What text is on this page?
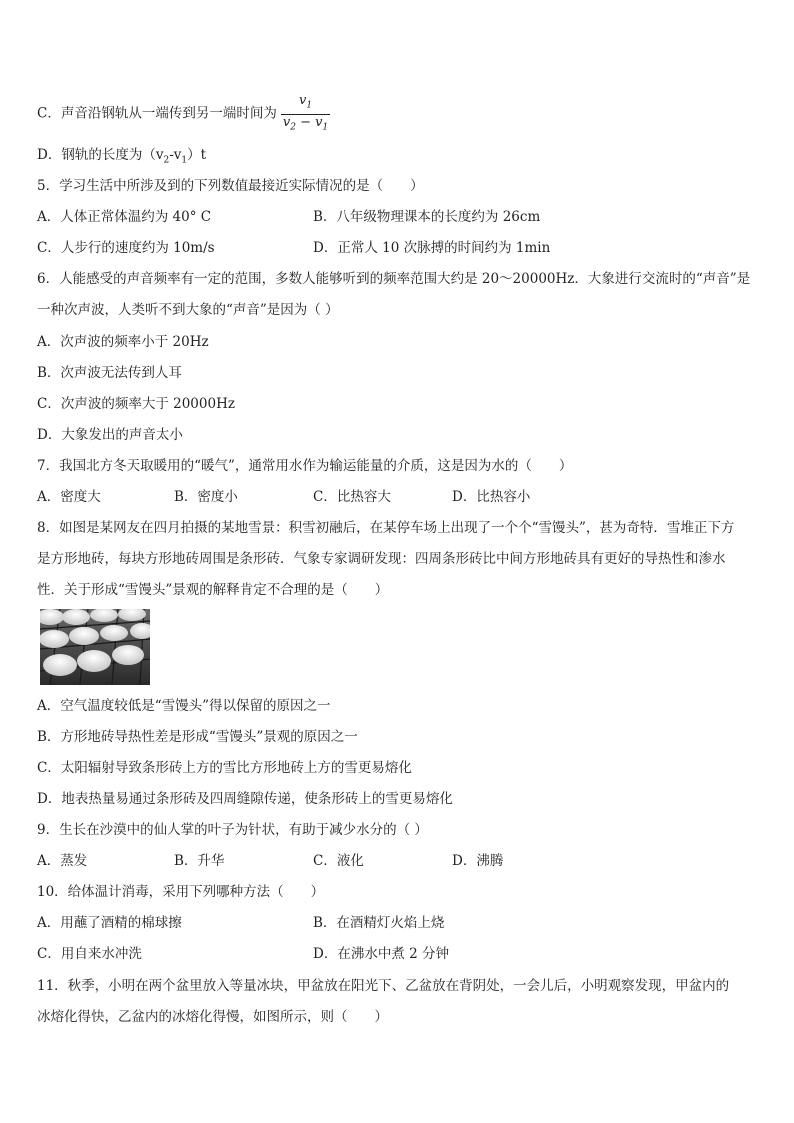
C．声音沿钢轨从一端传到另一端时间为 $\frac{v_1}{v_2 - v_1}$
D．钢轨的长度为$(v_2-v_1)t$
5．学习生活中所涉及到的下列数值最接近实际情况的是（　　）
A．人体正常体温约为 40° C	B．八年级物理课本的长度约为 26cm
C．人步行的速度约为 10m/s	D．正常人 10 次脉搏的时间约为 1min
6．人能感受的声音频率有一定的范围，多数人能够听到的频率范围大约是 20～20000Hz．大象进行交流时的“声音”是
一种次声波，人类听不到大象的“声音”是因为（ ）
A．次声波的频率小于 20Hz
B．次声波无法传到人耳
C．次声波的频率大于 20000Hz
D．大象发出的声音太小
7．我国北方冬天取暖用的“暖气”，通常用水作为输运能量的介质，这是因为水的（　　）
A．密度大	B．密度小	C．比热容大	D．比热容小
8．如图是某网友在四月拍摄的某地雪景：积雪初融后，在某停车场上出现了一个个“雪馒头”，甚为奇特．雪堆正下方
是方形地砖，每块方形地砖周围是条形砖．气象专家调研发现：四周条形砖比中间方形地砖具有更好的导热性和渗水
性．关于形成“雪馒头”景观的解释肯定不合理的是（　　）
A．空气温度较低是“雪馒头”得以保留的原因之一
B．方形地砖导热性差是形成“雪馒头”景观的原因之一
C．太阳辐射导致条形砖上方的雪比方形地砖上方的雪更易熔化
D．地表热量易通过条形砖及四周缝隙传递，使条形砖上的雪更易熔化
9．生长在沙漠中的仙人掌的叶子为针状，有助于减少水分的（ ）
A．蒸发	B．升华	C．液化	D．沸腾
10．给体温计消毒，采用下列哪种方法（　　）
A．用蘸了酒精的棉球擦	B．在酒精灯火焰上烧
C．用自来水冲洗	D．在沸水中煮 2 分钟
11．秋季，小明在两个盆里放入等量冰块，甲盆放在阳光下、乙盆放在背阴处，一会儿后，小明观察发现，甲盆内的
冰熔化得快，乙盆内的冰熔化得慢，如图所示，则（　　）
